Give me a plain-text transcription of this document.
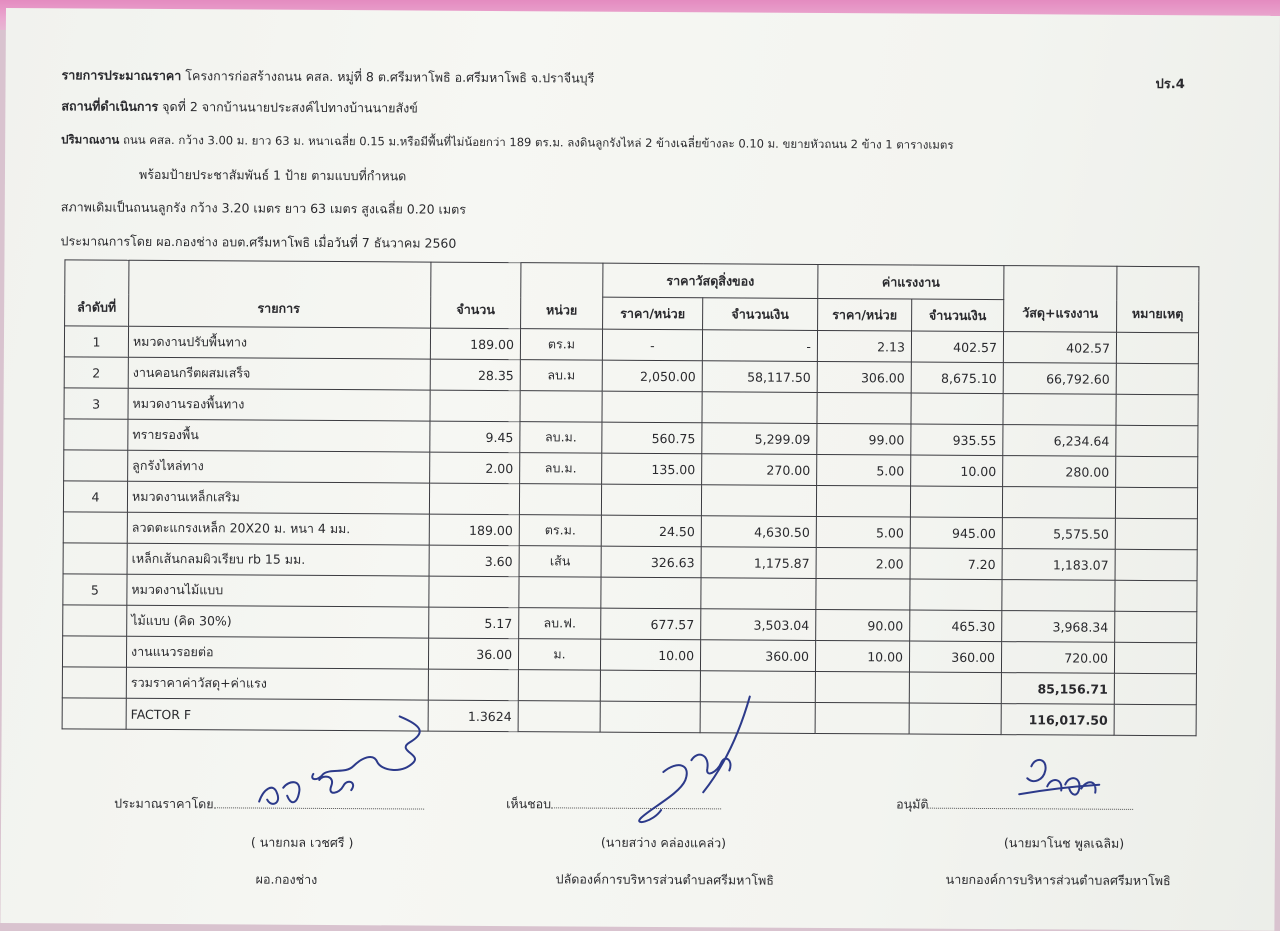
รายการประมาณราคา โครงการก่อสร้างถนน คสล. หมู่ที่ 8 ต.ศรีมหาโพธิ อ.ศรีมหาโพธิ จ.ปราจีนบุรี	ปร.4
สถานที่ดำเนินการ จุดที่ 2 จากบ้านนายประสงค์ไปทางบ้านนายสังข์
ปริมาณงาน ถนน คสล. กว้าง 3.00 ม. ยาว 63 ม. หนาเฉลี่ย 0.15 ม.หรือมีพื้นที่ไม่น้อยกว่า 189 ตร.ม. ลงดินลูกรังไหล่ 2 ข้างเฉลี่ยข้างละ 0.10 ม. ขยายหัวถนน 2 ข้าง 1 ตารางเมตร
พร้อมป้ายประชาสัมพันธ์ 1 ป้าย ตามแบบที่กำหนด
สภาพเดิมเป็นถนนลูกรัง กว้าง 3.20 เมตร ยาว 63 เมตร สูงเฉลี่ย 0.20 เมตร
ประมาณการโดย ผอ.กองช่าง อบต.ศรีมหาโพธิ เมื่อวันที่ 7 ธันวาคม 2560
ลำดับที่	รายการ	จำนวน	หน่วย	ราคาวัสดุสิ่งของ		ค่าแรงงาน		วัสดุ+แรงงาน	หมายเหตุ
				ราคา/หน่วย	จำนวนเงิน	ราคา/หน่วย	จำนวนเงิน		
1	หมวดงานปรับพื้นทาง	189.00	ตร.ม	-	-	2.13	402.57	402.57	
2	งานคอนกรีตผสมเสร็จ	28.35	ลบ.ม	2,050.00	58,117.50	306.00	8,675.10	66,792.60	
3	หมวดงานรองพื้นทาง								
	ทรายรองพื้น	9.45	ลบ.ม.	560.75	5,299.09	99.00	935.55	6,234.64	
	ลูกรังไหล่ทาง	2.00	ลบ.ม.	135.00	270.00	5.00	10.00	280.00	
4	หมวดงานเหล็กเสริม								
	ลวดตะแกรงเหล็ก 20X20 ม. หนา 4 มม.	189.00	ตร.ม.	24.50	4,630.50	5.00	945.00	5,575.50	
	เหล็กเส้นกลมผิวเรียบ rb 15 มม.	3.60	เส้น	326.63	1,175.87	2.00	7.20	1,183.07	
5	หมวดงานไม้แบบ								
	ไม้แบบ (คิด 30%)	5.17	ลบ.ฟ.	677.57	3,503.04	90.00	465.30	3,968.34	
	งานแนวรอยต่อ	36.00	ม.	10.00	360.00	10.00	360.00	720.00	
	รวมราคาค่าวัสดุ+ค่าแรง							85,156.71	
	FACTOR F	1.3624						116,017.50	
ประมาณราคาโดย
( นายกมล เวชศรี )
ผอ.กองช่าง
เห็นชอบ
(นายสว่าง คล่องแคล่ว)
ปลัดองค์การบริหารส่วนตำบลศรีมหาโพธิ
อนุมัติ
(นายมาโนช พูลเฉลิม)
นายกองค์การบริหารส่วนตำบลศรีมหาโพธิ
